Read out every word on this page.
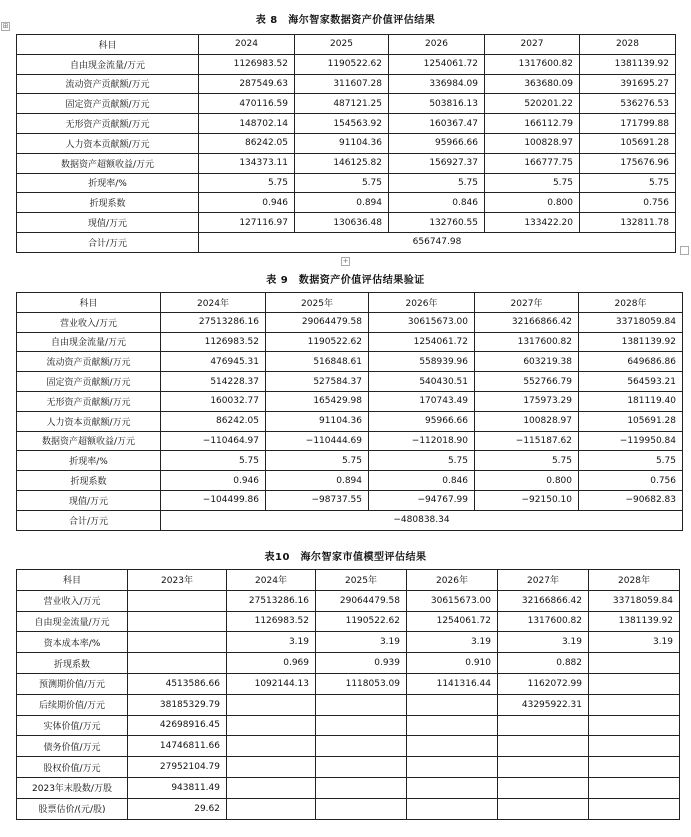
⊞	表 8　海尔智家数据资产价值评估结果
科目	2024	2025	2026	2027	2028
自由现金流量/万元	1126983.52	1190522.62	1254061.72	1317600.82	1381139.92
流动资产贡献额/万元	287549.63	311607.28	336984.09	363680.09	391695.27
固定资产贡献额/万元	470116.59	487121.25	503816.13	520201.22	536276.53
无形资产贡献额/万元	148702.14	154563.92	160367.47	166112.79	171799.88
人力资本贡献额/万元	86242.05	91104.36	95966.66	100828.97	105691.28
数据资产超额收益/万元	134373.11	146125.82	156927.37	166777.75	175676.96
折现率/%	5.75	5.75	5.75	5.75	5.75
折现系数	0.946	0.894	0.846	0.800	0.756
现值/万元	127116.97	130636.48	132760.55	133422.20	132811.78
合计/万元	656747.98				
+
表 9　数据资产价值评估结果验证
科目	2024年	2025年	2026年	2027年	2028年
营业收入/万元	27513286.16	29064479.58	30615673.00	32166866.42	33718059.84
自由现金流量/万元	1126983.52	1190522.62	1254061.72	1317600.82	1381139.92
流动资产贡献额/万元	476945.31	516848.61	558939.96	603219.38	649686.86
固定资产贡献额/万元	514228.37	527584.37	540430.51	552766.79	564593.21
无形资产贡献额/万元	160032.77	165429.98	170743.49	175973.29	181119.40
人力资本贡献额/万元	86242.05	91104.36	95966.66	100828.97	105691.28
数据资产超额收益/万元	−110464.97	−110444.69	−112018.90	−115187.62	−119950.84
折现率/%	5.75	5.75	5.75	5.75	5.75
折现系数	0.946	0.894	0.846	0.800	0.756
现值/万元	−104499.86	−98737.55	−94767.99	−92150.10	−90682.83
合计/万元	−480838.34				
表10　海尔智家市值模型评估结果
科目	2023年	2024年	2025年	2026年	2027年	2028年
营业收入/万元		27513286.16	29064479.58	30615673.00	32166866.42	33718059.84
自由现金流量/万元		1126983.52	1190522.62	1254061.72	1317600.82	1381139.92
资本成本率/%		3.19	3.19	3.19	3.19	3.19
折现系数		0.969	0.939	0.910	0.882	
预测期价值/万元	4513586.66	1092144.13	1118053.09	1141316.44	1162072.99	
后续期价值/万元	38185329.79				43295922.31	
实体价值/万元	42698916.45					
债务价值/万元	14746811.66					
股权价值/万元	27952104.79					
2023年末股数/万股	943811.49					
股票估价/(元/股)	29.62					
